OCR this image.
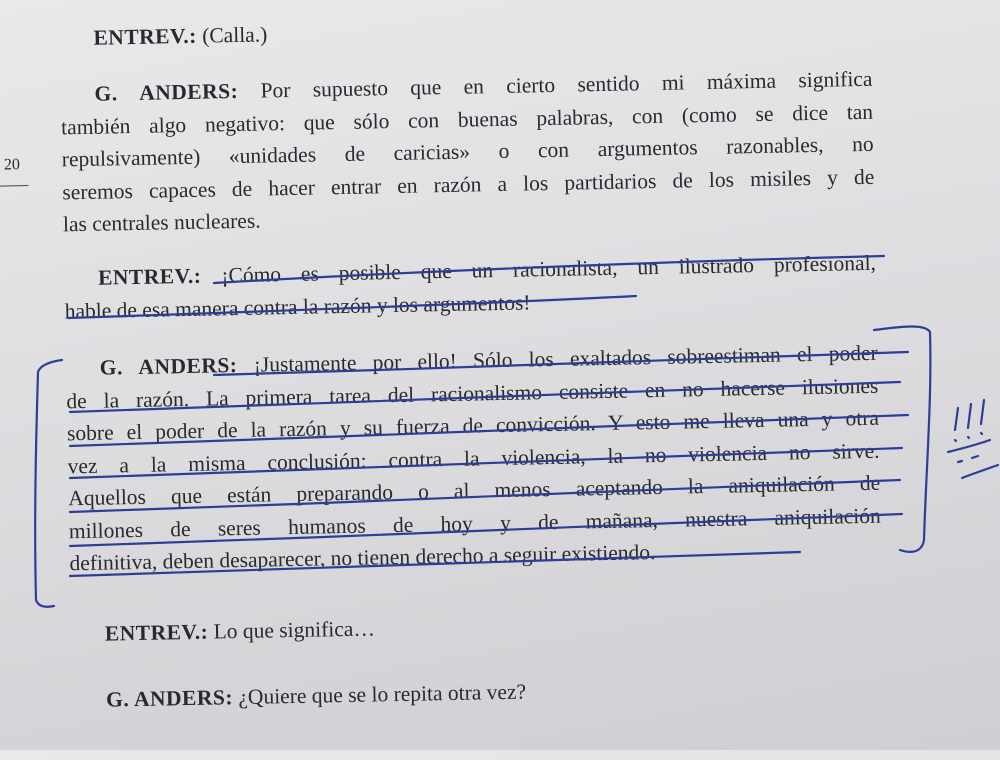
20

ENTREV.: (Calla.)

G. ANDERS: Por supuesto que en cierto sentido mi máxima significa
también algo negativo: que sólo con buenas palabras, con (como se dice tan
repulsivamente) «unidades de caricias» o con argumentos razonables, no
seremos capaces de hacer entrar en razón a los partidarios de los misiles y de
las centrales nucleares.
ENTREV.: ¡Cómo es posible que un racionalista, un ilustrado profesional,
hable de esa manera contra la razón y los argumentos!
G. ANDERS: ¡Justamente por ello! Sólo los exaltados sobreestiman el poder
de la razón. La primera tarea del racionalismo consiste en no hacerse ilusiones
sobre el poder de la razón y su fuerza de convicción. Y esto me lleva una y otra
vez a la misma conclusión: contra la violencia, la no violencia no sirve.
Aquellos que están preparando o al menos aceptando la aniquilación de
millones de seres humanos de hoy y de mañana, nuestra aniquilación
definitiva, deben desaparecer, no tienen derecho a seguir existiendo.

ENTREV.: Lo que significa…

G. ANDERS: ¿Quiere que se lo repita otra vez?
